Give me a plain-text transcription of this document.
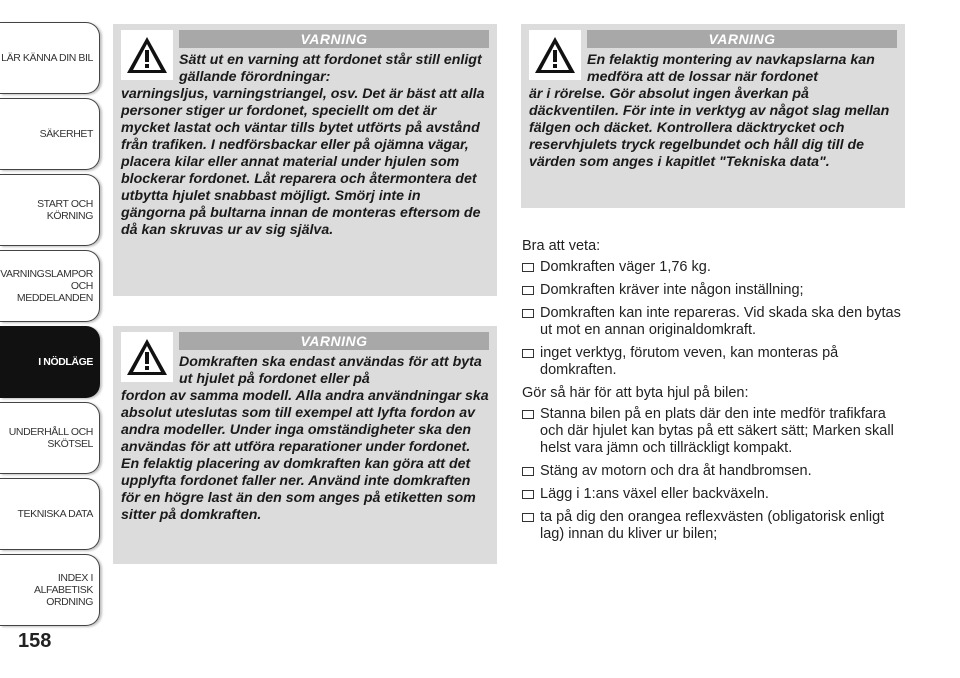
LÄR KÄNNA DIN BIL
SÄKERHET
START OCH
KÖRNING
VARNINGSLAMPOR
OCH
MEDDELANDEN
I NÖDLÄGE
UNDERHÅLL OCH
SKÖTSEL
TEKNISKA DATA
INDEX I ALFABETISK
ORDNING
158
VARNING
Sätt ut en varning att fordonet står still enligt gällande förordningar:
varningsljus, varningstriangel, osv. Det är bäst att alla personer stiger ur fordonet, speciellt om det är mycket lastat och väntar tills bytet utförts på avstånd från trafiken. I nedförsbackar eller på ojämna vägar, placera kilar eller annat material under hjulen som blockerar fordonet. Låt reparera och återmontera det utbytta hjulet snabbast möjligt. Smörj inte in gängorna på bultarna innan de monteras eftersom de då kan skruvas ur av sig själva.
VARNING
Domkraften ska endast användas för att byta ut hjulet på fordonet eller på
fordon av samma modell. Alla andra användningar ska absolut uteslutas som till exempel att lyfta fordon av andra modeller. Under inga omständigheter ska den användas för att utföra reparationer under fordonet. En felaktig placering av domkraften kan göra att det upplyfta fordonet faller ner. Använd inte domkraften för en högre last än den som anges på etiketten som sitter på domkraften.
VARNING
En felaktig montering av navkapslarna kan medföra att de lossar när fordonet
är i rörelse. Gör absolut ingen åverkan på däckventilen. För inte in verktyg av något slag mellan fälgen och däcket. Kontrollera däcktrycket och reservhjulets tryck regelbundet och håll dig till de värden som anges i kapitlet "Tekniska data".

Bra att veta:

Domkraften väger 1,76 kg.
Domkraften kräver inte någon inställning;
Domkraften kan inte repareras. Vid skada ska den bytas ut mot en annan originaldomkraft.
inget verktyg, förutom veven, kan monteras på domkraften.

Gör så här för att byta hjul på bilen:

Stanna bilen på en plats där den inte medför trafikfara och där hjulet kan bytas på ett säkert sätt; Marken skall helst vara jämn och tillräckligt kompakt.
Stäng av motorn och dra åt handbromsen.
Lägg i 1:ans växel eller backväxeln.
ta på dig den orangea reflexvästen (obligatorisk enligt lag) innan du kliver ur bilen;
